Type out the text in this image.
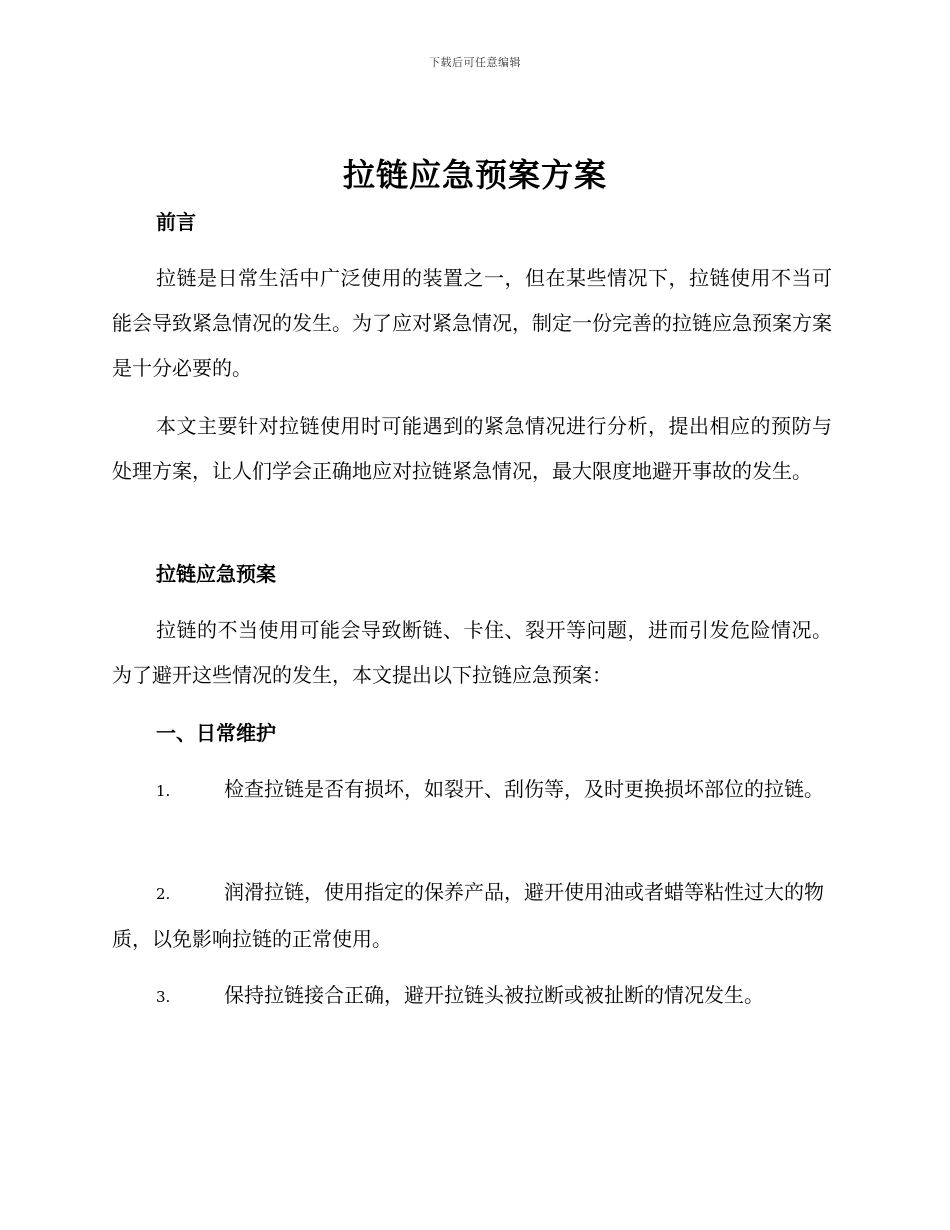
下载后可任意编辑
拉链应急预案方案

前言

拉链是日常生活中广泛使用的装置之一，但在某些情况下，拉链使用不当可能会导致紧急情况的发生。为了应对紧急情况，制定一份完善的拉链应急预案方案是十分必要的。

本文主要针对拉链使用时可能遇到的紧急情况进行分析，提出相应的预防与处理方案，让人们学会正确地应对拉链紧急情况，最大限度地避开事故的发生。

拉链应急预案

拉链的不当使用可能会导致断链、卡住、裂开等问题，进而引发危险情况。为了避开这些情况的发生，本文提出以下拉链应急预案：

一、日常维护

1.	检查拉链是否有损坏，如裂开、刮伤等，及时更换损坏部位的拉链。

2.	润滑拉链，使用指定的保养产品，避开使用油或者蜡等粘性过大的物质，以免影响拉链的正常使用。

3.	保持拉链接合正确，避开拉链头被拉断或被扯断的情况发生。
